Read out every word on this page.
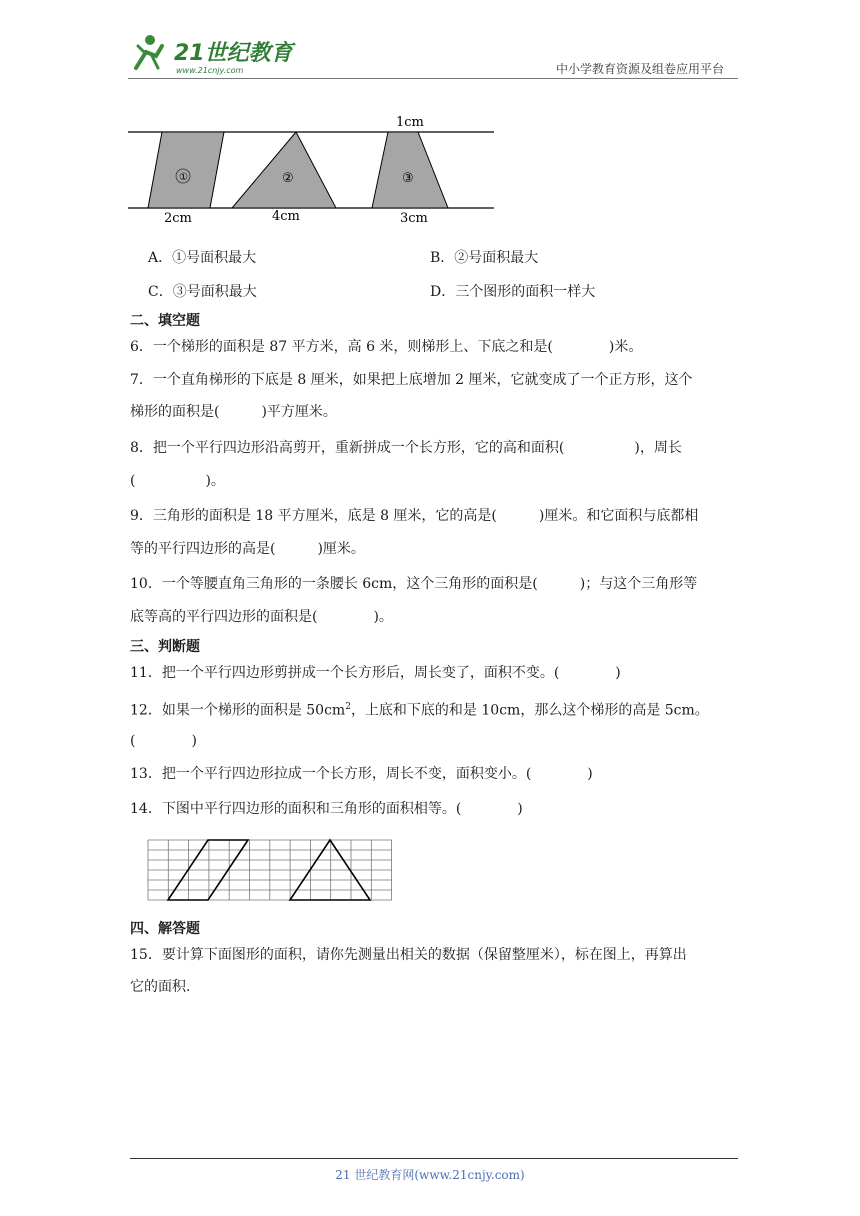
21世纪教育
www.21cnjy.com	中小学教育资源及组卷应用平台
1cm
①	②	③
2cm	4cm	3cm
A．①号面积最大	B．②号面积最大
C．③号面积最大	D．三个图形的面积一样大
二、填空题
6．一个梯形的面积是 87 平方米，高 6 米，则梯形上、下底之和是(　　　　)米。
7．一个直角梯形的下底是 8 厘米，如果把上底增加 2 厘米，它就变成了一个正方形，这个
梯形的面积是(　　　)平方厘米。
8．把一个平行四边形沿高剪开，重新拼成一个长方形，它的高和面积(　　　　　)，周长
(　　　　　)。
9．三角形的面积是 18 平方厘米，底是 8 厘米，它的高是(　　　)厘米。和它面积与底都相
等的平行四边形的高是(　　　)厘米。
10．一个等腰直角三角形的一条腰长 6cm，这个三角形的面积是(　　　)；与这个三角形等
底等高的平行四边形的面积是(　　　　)。
三、判断题
11．把一个平行四边形剪拼成一个长方形后，周长变了，面积不变。(　　　　)
12．如果一个梯形的面积是 $50cm^2$，上底和下底的和是 10cm，那么这个梯形的高是 5cm。
(　　　　)
13．把一个平行四边形拉成一个长方形，周长不变，面积变小。(　　　　)
14．下图中平行四边形的面积和三角形的面积相等。(　　　　)
四、解答题
15．要计算下面图形的面积，请你先测量出相关的数据（保留整厘米），标在图上，再算出
它的面积.
21 世纪教育网(www.21cnjy.com)
